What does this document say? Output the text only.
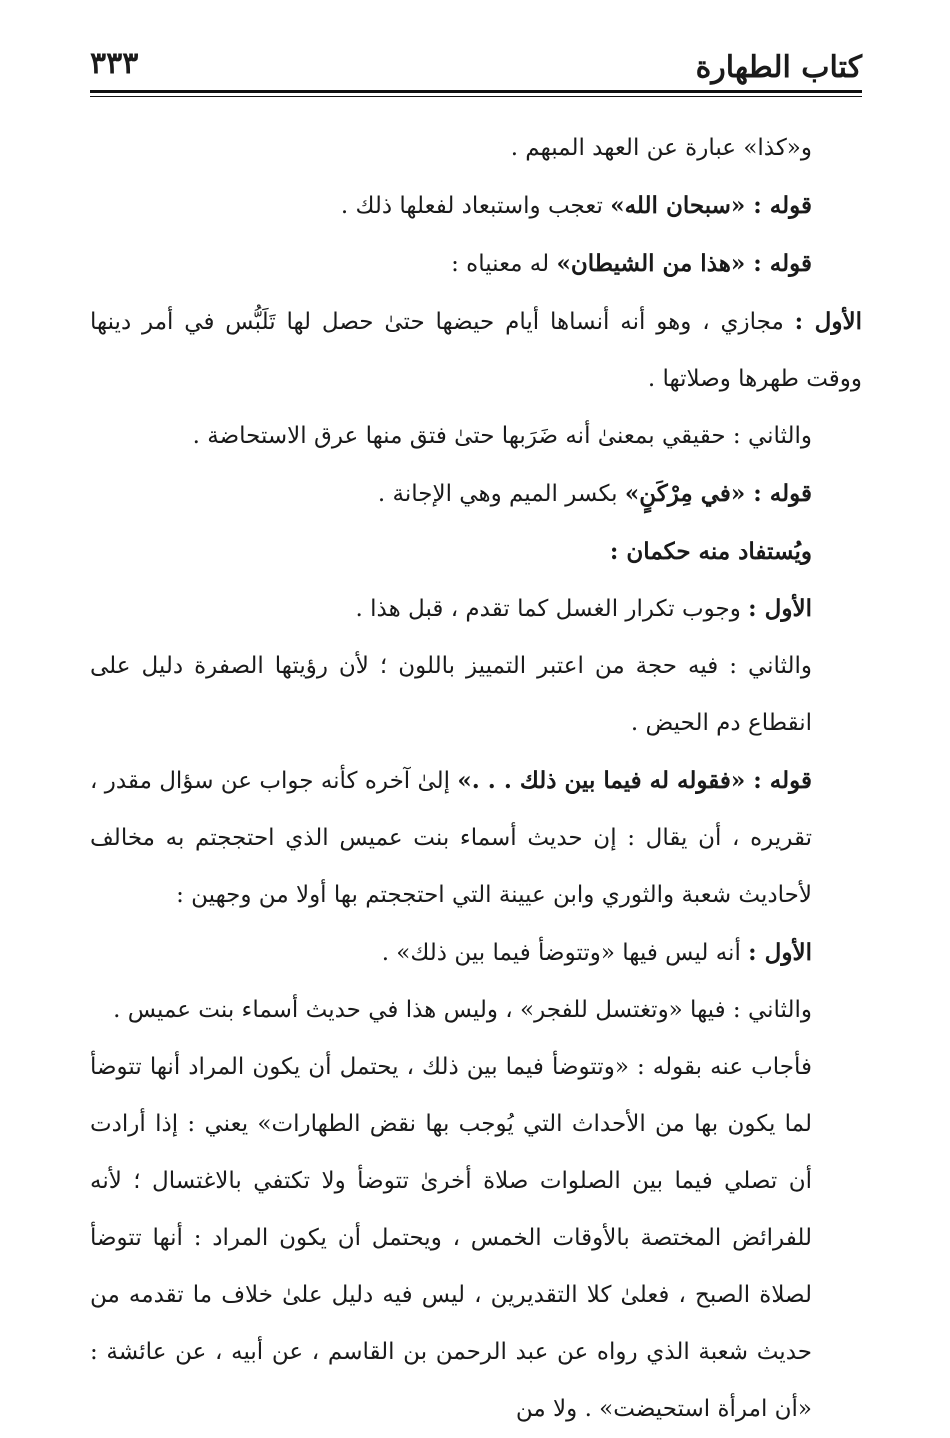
كتاب الطهارة
٣٣٣

و«كذا» عبارة عن العهد المبهم .

قوله : «سبحان الله» تعجب واستبعاد لفعلها ذلك .

قوله : «هذا من الشيطان» له معنياه :

الأول : مجازي ، وهو أنه أنساها أيام حيضها حتىٰ حصل لها تَلَبُّس في أمر دينها ووقت طهرها وصلاتها .

والثاني : حقيقي بمعنىٰ أنه ضَرَبها حتىٰ فتق منها عرق الاستحاضة .

قوله : «في مِرْكَنٍ» بكسر الميم وهي الإجانة .

ويُستفاد منه حكمان :

الأول : وجوب تكرار الغسل كما تقدم ، قبل هذا .

والثاني : فيه حجة من اعتبر التمييز باللون ؛ لأن رؤيتها الصفرة دليل على انقطاع دم الحيض .

قوله : «فقوله له فيما بين ذلك . . .» إلىٰ آخره كأنه جواب عن سؤال مقدر ، تقريره ، أن يقال : إن حديث أسماء بنت عميس الذي احتججتم به مخالف لأحاديث شعبة والثوري وابن عيينة التي احتججتم بها أولا من وجهين :

الأول : أنه ليس فيها «وتتوضأ فيما بين ذلك» .

والثاني : فيها «وتغتسل للفجر» ، وليس هذا في حديث أسماء بنت عميس .

فأجاب عنه بقوله : «وتتوضأ فيما بين ذلك ، يحتمل أن يكون المراد أنها تتوضأ لما يكون بها من الأحداث التي يُوجب بها نقض الطهارات» يعني : إذا أرادت أن تصلي فيما بين الصلوات صلاة أخرىٰ تتوضأ ولا تكتفي بالاغتسال ؛ لأنه للفرائض المختصة بالأوقات الخمس ، ويحتمل أن يكون المراد : أنها تتوضأ لصلاة الصبح ، فعلىٰ كلا التقديرين ، ليس فيه دليل علىٰ خلاف ما تقدمه من حديث شعبة الذي رواه عن عبد الرحمن بن القاسم ، عن أبيه ، عن عائشة : «أن امرأة استحيضت» . ولا من
